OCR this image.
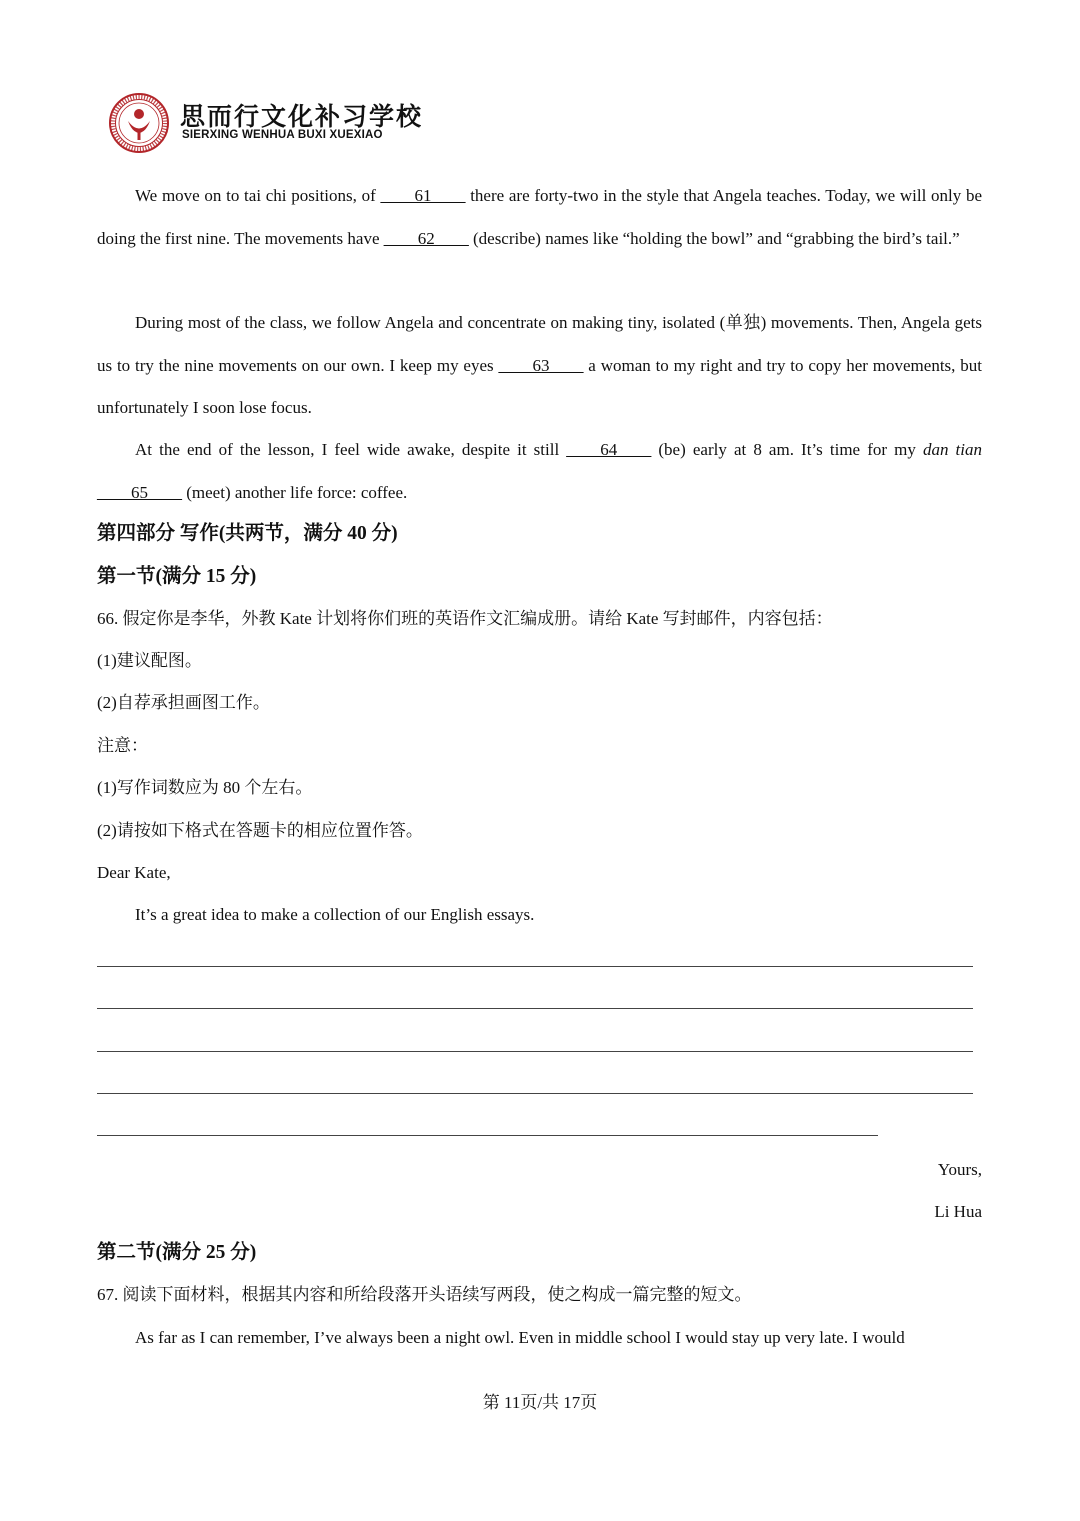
思而行文化补习学校
SIERXING WENHUA BUXI XUEXIAO
We move on to tai chi positions, of ____61____ there are forty-two in the style that Angela teaches. Today, we will only be doing the first nine. The movements have ____62____ (describe) names like “holding the bowl” and “grabbing the bird’s tail.”
During most of the class, we follow Angela and concentrate on making tiny, isolated (单独) movements. Then, Angela gets us to try the nine movements on our own. I keep my eyes ____63____ a woman to my right and try to copy her movements, but unfortunately I soon lose focus.
At the end of the lesson, I feel wide awake, despite it still ____64____ (be) early at 8 am. It’s time for my dan tian ____65____ (meet) another life force: coffee.
第四部分 写作(共两节，满分 40 分)
第一节(满分 15 分)
66. 假定你是李华，外教 Kate 计划将你们班的英语作文汇编成册。请给 Kate 写封邮件，内容包括：
(1)建议配图。
(2)自荐承担画图工作。
注意：
(1)写作词数应为 80 个左右。
(2)请按如下格式在答题卡的相应位置作答。
Dear Kate,
It’s a great idea to make a collection of our English essays.
Yours,
Li Hua
第二节(满分 25 分)
67. 阅读下面材料，根据其内容和所给段落开头语续写两段，使之构成一篇完整的短文。
As far as I can remember, I’ve always been a night owl. Even in middle school I would stay up very late. I would
第 11页/共 17页
